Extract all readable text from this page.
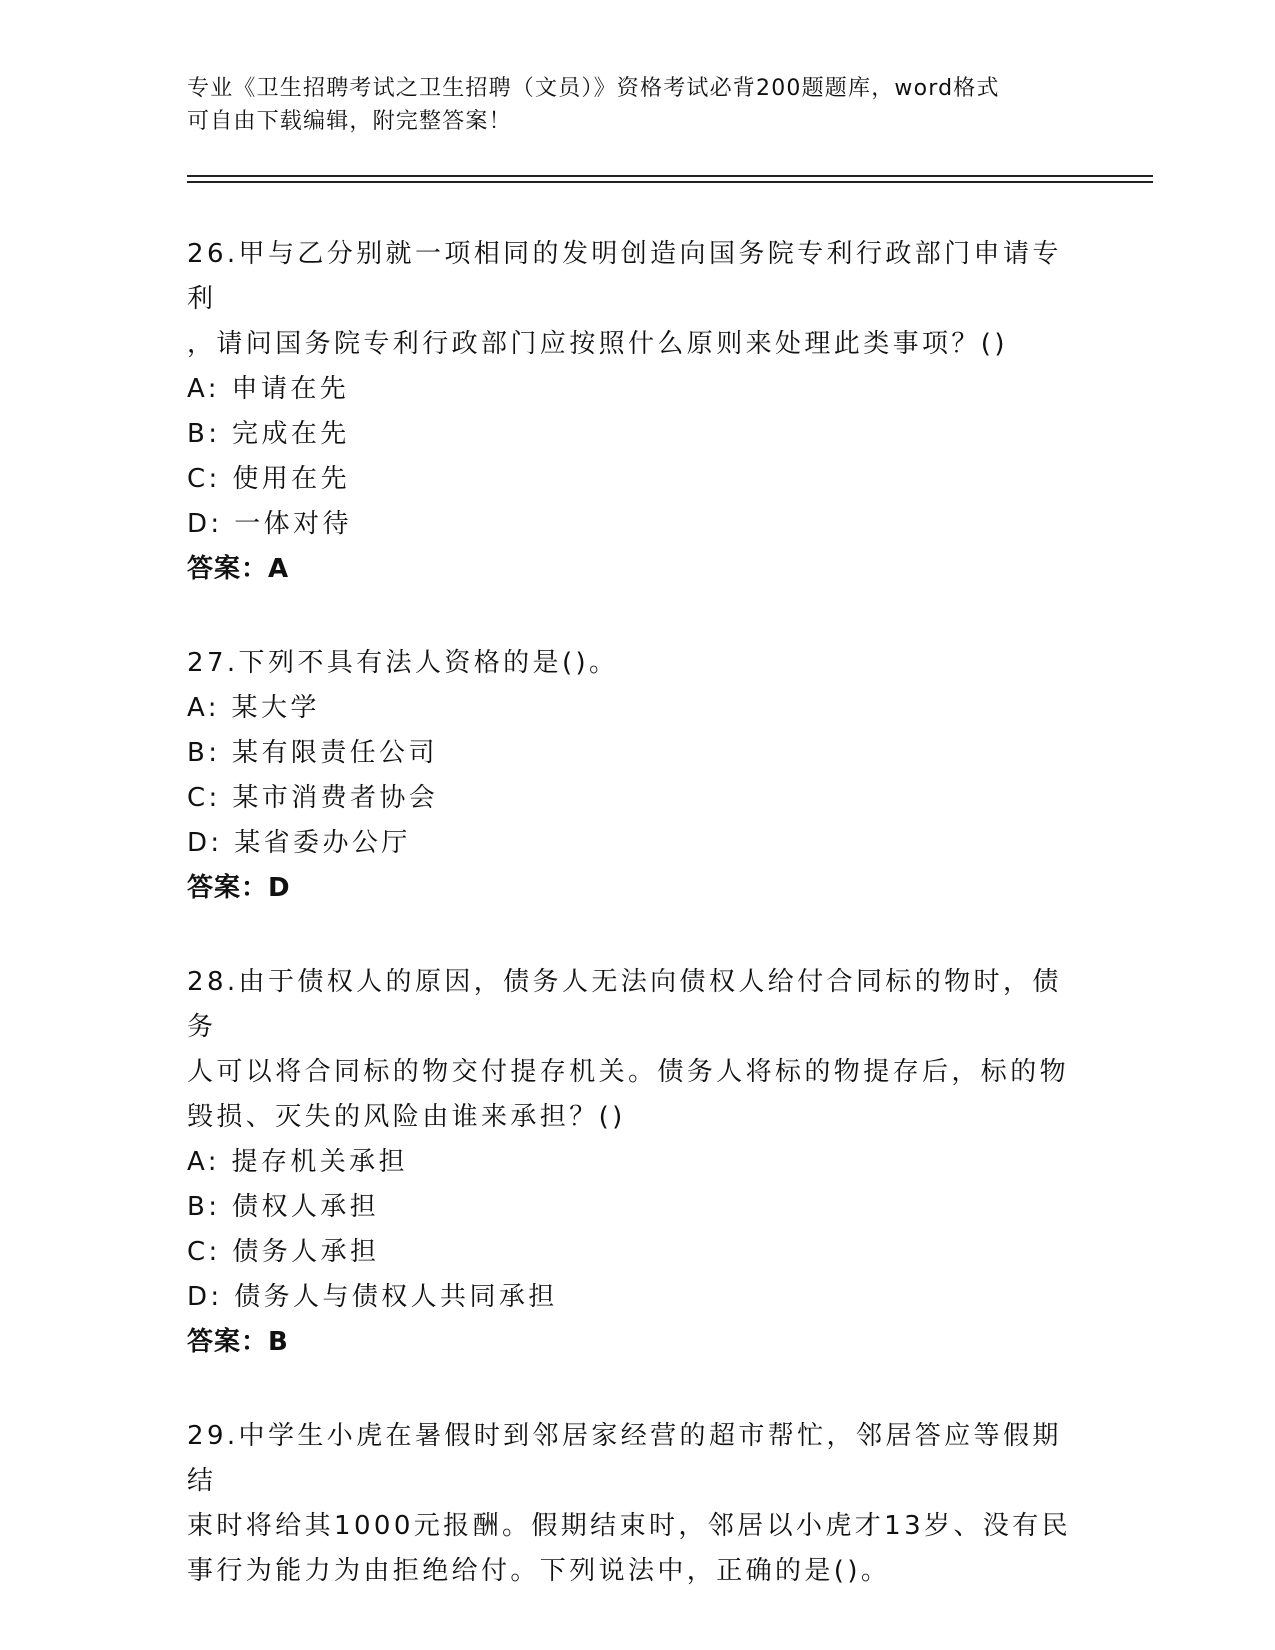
专业《卫生招聘考试之卫生招聘（文员）》资格考试必背200题题库，word格式
可自由下载编辑，附完整答案！

26.甲与乙分别就一项相同的发明创造向国务院专利行政部门申请专利

，请问国务院专利行政部门应按照什么原则来处理此类事项？()

A: 申请在先

B: 完成在先

C: 使用在先

D: 一体对待

答案：A

27.下列不具有法人资格的是()。

A: 某大学

B: 某有限责任公司

C: 某市消费者协会

D: 某省委办公厅

答案：D

28.由于债权人的原因，债务人无法向债权人给付合同标的物时，债务

人可以将合同标的物交付提存机关。债务人将标的物提存后，标的物

毁损、灭失的风险由谁来承担？()

A: 提存机关承担

B: 债权人承担

C: 债务人承担

D: 债务人与债权人共同承担

答案：B

29.中学生小虎在暑假时到邻居家经营的超市帮忙，邻居答应等假期结

束时将给其1000元报酬。假期结束时，邻居以小虎才13岁、没有民

事行为能力为由拒绝给付。下列说法中，正确的是()。
